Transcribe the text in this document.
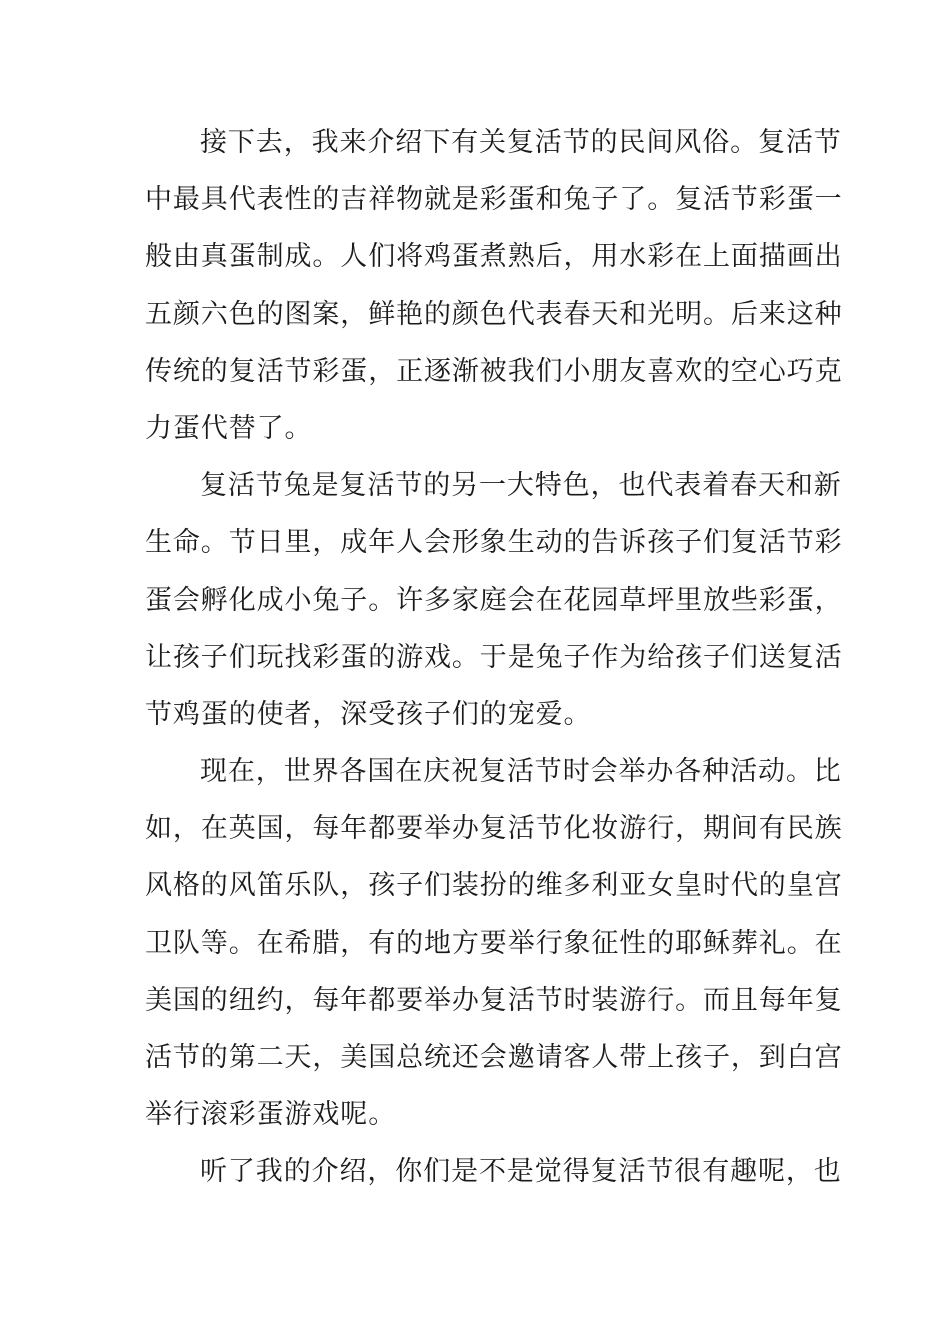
接下去，我来介绍下有关复活节的民间风俗。复活节
中最具代表性的吉祥物就是彩蛋和兔子了。复活节彩蛋一
般由真蛋制成。人们将鸡蛋煮熟后，用水彩在上面描画出
五颜六色的图案，鲜艳的颜色代表春天和光明。后来这种
传统的复活节彩蛋，正逐渐被我们小朋友喜欢的空心巧克
力蛋代替了。
复活节兔是复活节的另一大特色，也代表着春天和新
生命。节日里，成年人会形象生动的告诉孩子们复活节彩
蛋会孵化成小兔子。许多家庭会在花园草坪里放些彩蛋，
让孩子们玩找彩蛋的游戏。于是兔子作为给孩子们送复活
节鸡蛋的使者，深受孩子们的宠爱。
现在，世界各国在庆祝复活节时会举办各种活动。比
如，在英国，每年都要举办复活节化妆游行，期间有民族
风格的风笛乐队，孩子们装扮的维多利亚女皇时代的皇宫
卫队等。在希腊，有的地方要举行象征性的耶稣葬礼。在
美国的纽约，每年都要举办复活节时装游行。而且每年复
活节的第二天，美国总统还会邀请客人带上孩子，到白宫
举行滚彩蛋游戏呢。
听了我的介绍，你们是不是觉得复活节很有趣呢，也
